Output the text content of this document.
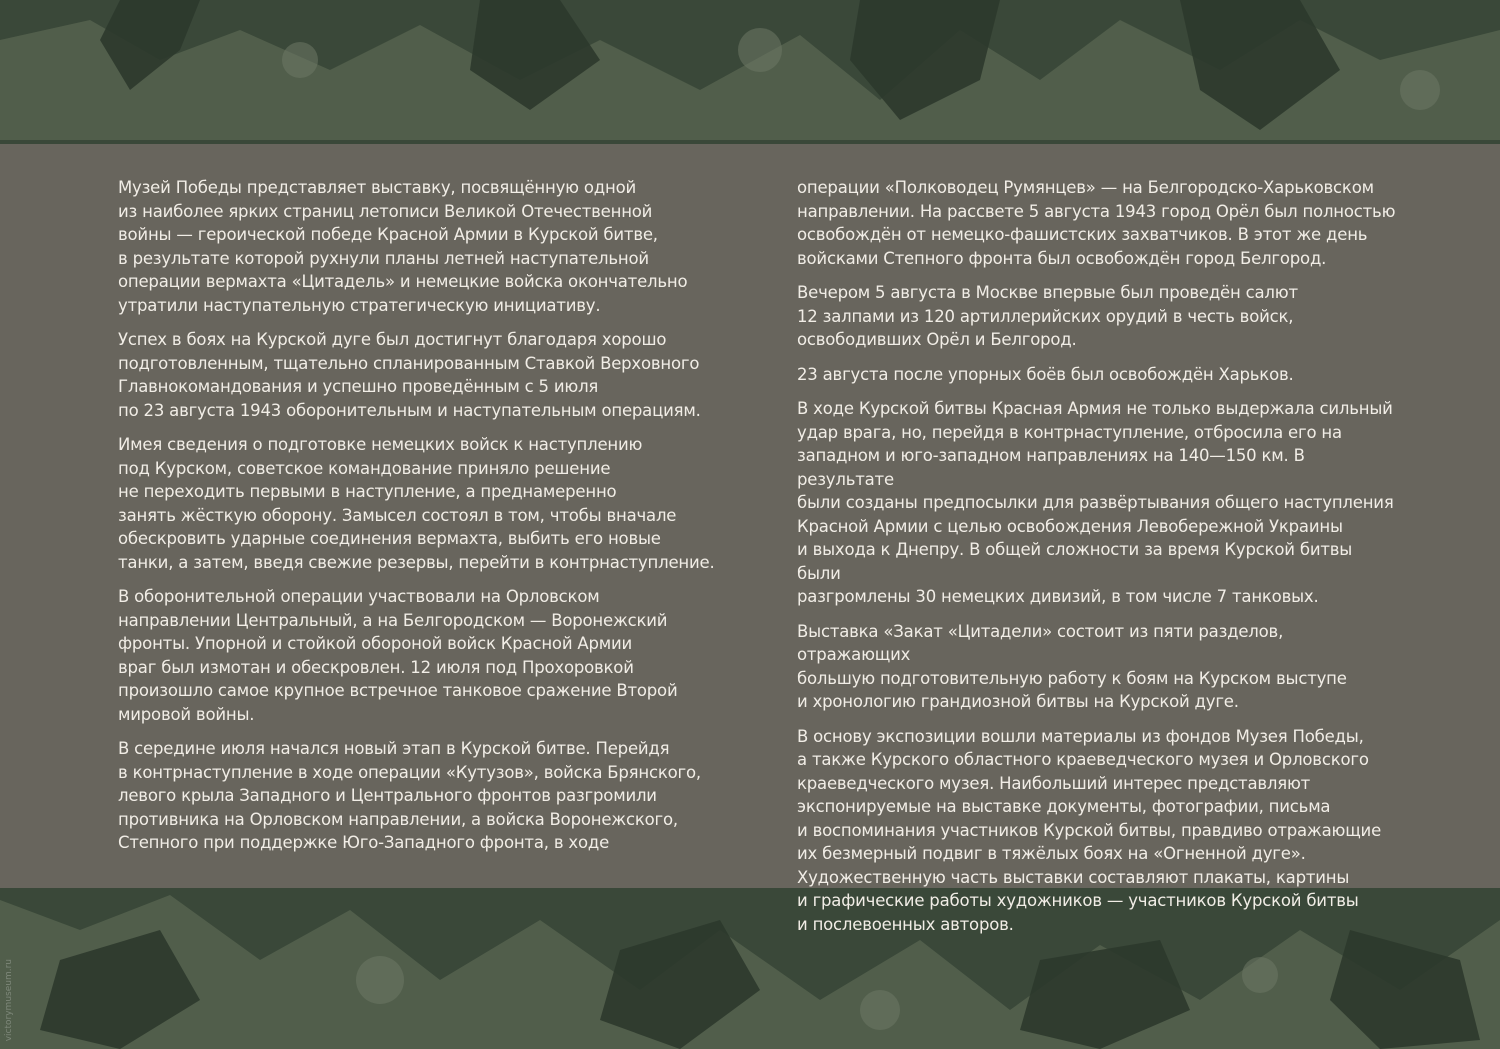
Музей Победы представляет выставку, посвящённую одной
из наиболее ярких страниц летописи Великой Отечественной
войны — героической победе Красной Армии в Курской битве,
в результате которой рухнули планы летней наступательной
операции вермахта «Цитадель» и немецкие войска окончательно
утратили наступательную стратегическую инициативу.

Успех в боях на Курской дуге был достигнут благодаря хорошо
подготовленным, тщательно спланированным Ставкой Верховного
Главнокомандования и успешно проведённым с 5 июля
по 23 августа 1943 оборонительным и наступательным операциям.

Имея сведения о подготовке немецких войск к наступлению
под Курском, советское командование приняло решение
не переходить первыми в наступление, а преднамеренно
занять жёсткую оборону. Замысел состоял в том, чтобы вначале
обескровить ударные соединения вермахта, выбить его новые
танки, а затем, введя свежие резервы, перейти в контрнаступление.

В оборонительной операции участвовали на Орловском
направлении Центральный, а на Белгородском — Воронежский
фронты. Упорной и стойкой обороной войск Красной Армии
враг был измотан и обескровлен. 12 июля под Прохоровкой
произошло самое крупное встречное танковое сражение Второй
мировой войны.

В середине июля начался новый этап в Курской битве. Перейдя
в контрнаступление в ходе операции «Кутузов», войска Брянского,
левого крыла Западного и Центрального фронтов разгромили
противника на Орловском направлении, а войска Воронежского,
Степного при поддержке Юго-Западного фронта, в ходе

операции «Полководец Румянцев» — на Белгородско-Харьковском
направлении. На рассвете 5 августа 1943 город Орёл был полностью
освобождён от немецко-фашистских захватчиков. В этот же день
войсками Степного фронта был освобождён город Белгород.

Вечером 5 августа в Москве впервые был проведён салют
12 залпами из 120 артиллерийских орудий в честь войск,
освободивших Орёл и Белгород.

23 августа после упорных боёв был освобождён Харьков.

В ходе Курской битвы Красная Армия не только выдержала сильный
удар врага, но, перейдя в контрнаступление, отбросила его на
западном и юго-западном направлениях на 140—150 км. В результате
были созданы предпосылки для развёртывания общего наступления
Красной Армии с целью освобождения Левобережной Украины
и выхода к Днепру. В общей сложности за время Курской битвы были
разгромлены 30 немецких дивизий, в том числе 7 танковых.

Выставка «Закат «Цитадели» состоит из пяти разделов, отражающих
большую подготовительную работу к боям на Курском выступе
и хронологию грандиозной битвы на Курской дуге.

В основу экспозиции вошли материалы из фондов Музея Победы,
а также Курского областного краеведческого музея и Орловского
краеведческого музея. Наибольший интерес представляют
экспонируемые на выставке документы, фотографии, письма
и воспоминания участников Курской битвы, правдиво отражающие
их безмерный подвиг в тяжёлых боях на «Огненной дуге».
Художественную часть выставки составляют плакаты, картины
и графические работы художников — участников Курской битвы
и послевоенных авторов.

victorymuseum.ru
